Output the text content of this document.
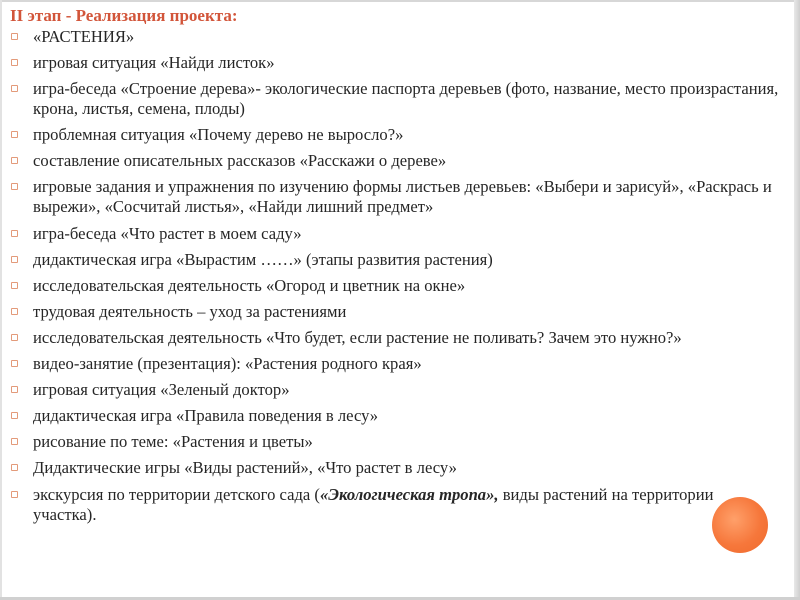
II этап - Реализация проекта:
«РАСТЕНИЯ»
игровая ситуация «Найди листок»
игра-беседа «Строение дерева»- экологические паспорта деревьев (фото, название, место произрастания, крона, листья, семена, плоды)
проблемная ситуация «Почему дерево не выросло?»
составление описательных рассказов «Расскажи о дереве»
игровые задания и упражнения по изучению формы листьев деревьев: «Выбери и зарисуй», «Раскрась и вырежи», «Сосчитай листья», «Найди лишний предмет»
игра-беседа «Что растет в моем саду»
дидактическая игра «Вырастим ……» (этапы развития растения)
исследовательская деятельность «Огород и цветник на окне»
трудовая деятельность – уход за растениями
исследовательская деятельность «Что будет, если растение не поливать? Зачем это нужно?»
видео-занятие (презентация): «Растения родного края»
игровая ситуация «Зеленый доктор»
дидактическая игра «Правила поведения в лесу»
рисование по теме: «Растения и цветы»
Дидактические игры «Виды растений», «Что растет в лесу»
экскурсия по территории детского сада («Экологическая тропа», виды растений на территории участка).
